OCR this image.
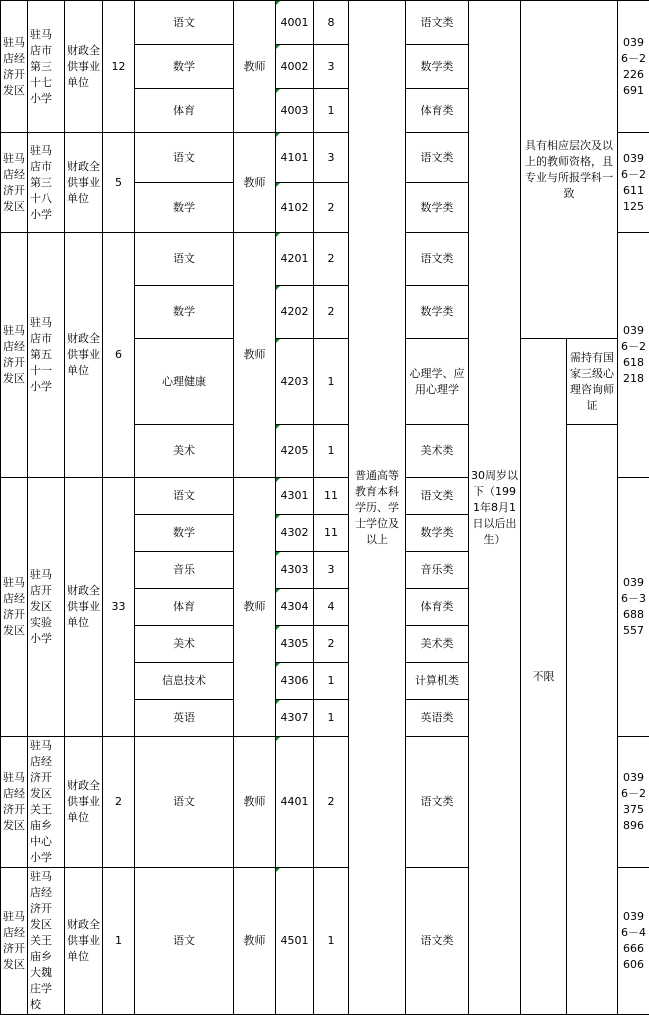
驻马店经济开发区	驻马店市第三十七小学	财政全供事业单位	12	语文	教师	4001	8	普通高等教育本科学历、学士学位及以上	语文类	30周岁以下（1991年8月1日以后出生）	具有相应层次及以上的教师资格，且专业与所报学科一致		0396－2226691
				数学		4002	3		数学类				
				体育		4003	1		体育类				
驻马店经济开发区	驻马店市第三十八小学	财政全供事业单位	5	语文	教师	4101	3		语文类				0396－2611125
				数学		4102	2		数学类				
驻马店经济开发区	驻马店市第五十一小学	财政全供事业单位	6	语文	教师	4201	2		语文类				0396－2618218
				数学		4202	2		数学类				
				心理健康		4203	1		心理学、应用心理学		不限	需持有国家三级心理咨询师证	
				美术		4205	1		美术类				
驻马店经济开发区	驻马店开发区实验小学	财政全供事业单位	33	语文	教师	4301	11		语文类				0396－3688557
				数学		4302	11		数学类				
				音乐		4303	3		音乐类				
				体育		4304	4		体育类				
				美术		4305	2		美术类				
				信息技术		4306	1		计算机类				
				英语		4307	1		英语类				
驻马店经济开发区	驻马店经济开发区关王庙乡中心小学	财政全供事业单位	2	语文	教师	4401	2		语文类				0396－2375896
驻马店经济开发区	驻马店经济开发区关王庙乡大魏庄学校	财政全供事业单位	1	语文	教师	4501	1		语文类				0396－4666606
